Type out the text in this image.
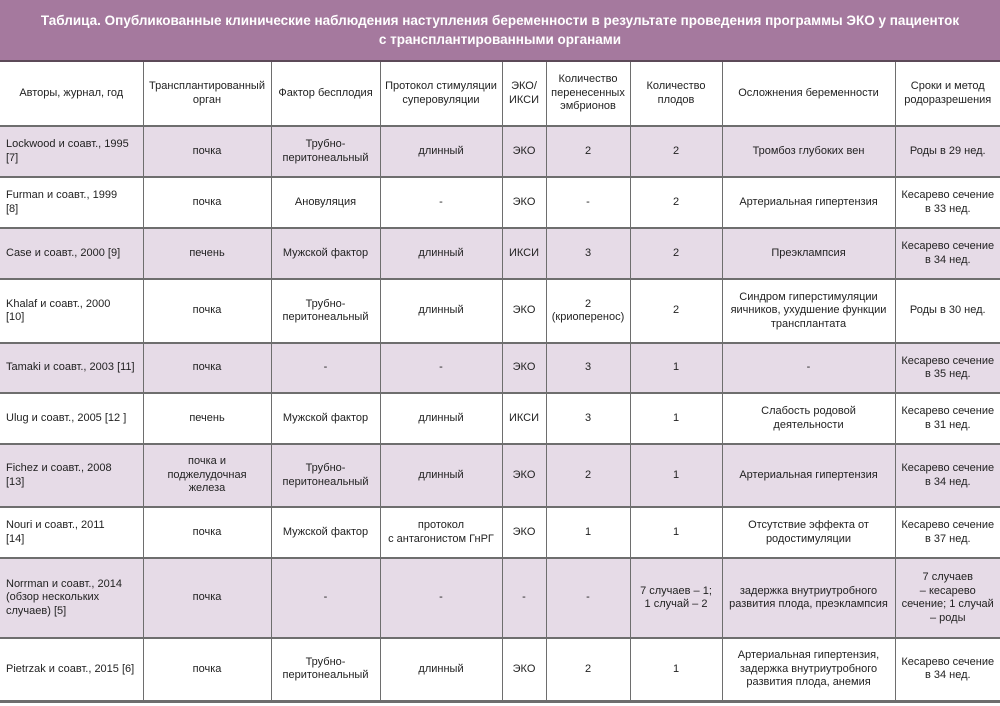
Таблица. Опубликованные клинические наблюдения наступления беременности в результате проведения программы ЭКО у пациенток с трансплантированными органами
Авторы, журнал, год	Трансплантированный орган	Фактор бесплодия	Протокол стимуляции суперовуляции	ЭКО/
ИКСИ	Количество перенесенных эмбрионов	Количество плодов	Осложнения беременности	Сроки и метод родоразрешения
Lockwood и соавт., 1995
[7]	почка	Трубно-
перитонеальный	длинный	ЭКО	2	2	Тромбоз глубоких вен	Роды в 29 нед.
Furman и соавт., 1999
[8]	почка	Ановуляция	-	ЭКО	-	2	Артериальная гипертензия	Кесарево сечение
в 33 нед.
Case и соавт., 2000 [9]	печень	Мужской фактор	длинный	ИКСИ	3	2	Преэклампсия	Кесарево сечение
в 34 нед.
Khalaf и соавт., 2000
[10]	почка	Трубно-
перитонеальный	длинный	ЭКО	2
(криоперенос)	2	Синдром гиперстимуляции
яичников, ухудшение функции
трансплантата	Роды в 30 нед.
Tamaki и соавт., 2003 [11]	почка	-	-	ЭКО	3	1	-	Кесарево сечение
в 35 нед.
Ulug и соавт., 2005 [12 ]	печень	Мужской фактор	длинный	ИКСИ	3	1	Слабость родовой
деятельности	Кесарево сечение
в 31 нед.
Fichez и соавт., 2008
[13]	почка и
поджелудочная
железа	Трубно-
перитонеальный	длинный	ЭКО	2	1	Артериальная гипертензия	Кесарево сечение
в 34 нед.
Nouri и соавт., 2011
[14]	почка	Мужской фактор	протокол
с антагонистом ГнРГ	ЭКО	1	1	Отсутствие эффекта от
родостимуляции	Кесарево сечение
в 37 нед.
Norrman и соавт., 2014
(обзор нескольких
случаев) [5]	почка	-	-	-	-	7 случаев – 1;
1 случай – 2	задержка внутриутробного
развития плода, преэклампсия	7 случаев
– кесарево
сечение; 1 случай
– роды
Pietrzak и соавт., 2015 [6]	почка	Трубно-
перитонеальный	длинный	ЭКО	2	1	Артериальная гипертензия,
задержка внутриутробного
развития плода, анемия	Кесарево сечение
в 34 нед.
